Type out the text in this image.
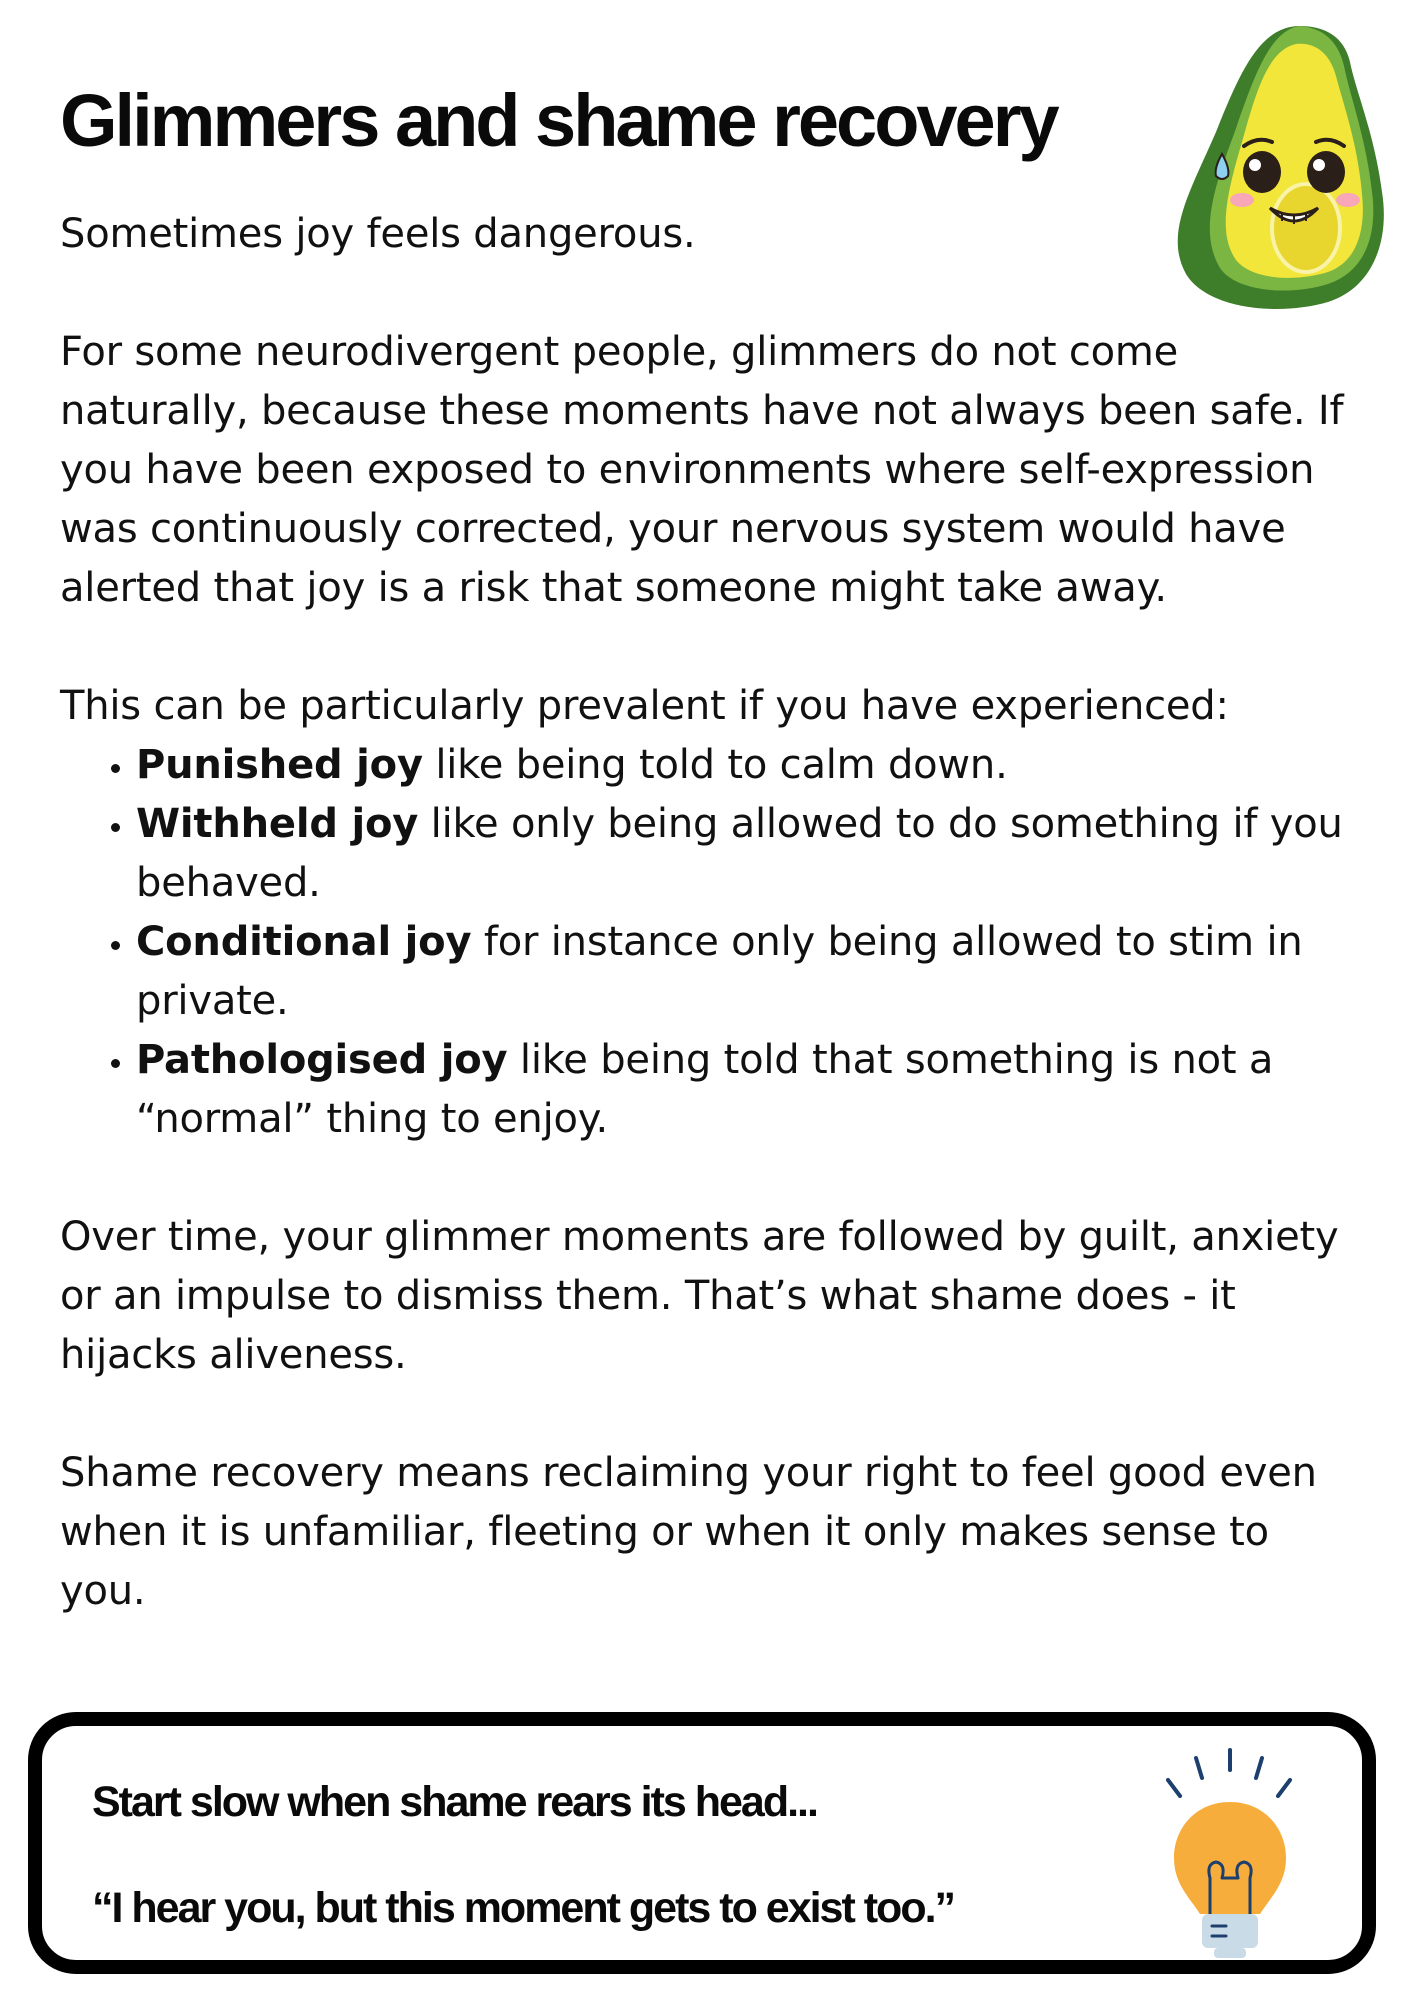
Glimmers and shame recovery

Sometimes joy feels dangerous.

For some neurodivergent people, glimmers do not come naturally, because these moments have not always been safe. If you have been exposed to environments where self-expression was continuously corrected, your nervous system would have alerted that joy is a risk that someone might take away.

This can be particularly prevalent if you have experienced:

• Punished joy like being told to calm down.
• Withheld joy like only being allowed to do something if you behaved.
• Conditional joy for instance only being allowed to stim in private.
• Pathologised joy like being told that something is not a “normal” thing to enjoy.

Over time, your glimmer moments are followed by guilt, anxiety or an impulse to dismiss them. That’s what shame does - it hijacks aliveness.

Shame recovery means reclaiming your right to feel good even when it is unfamiliar, fleeting or when it only makes sense to you.

Start slow when shame rears its head...

“I hear you, but this moment gets to exist too.”
